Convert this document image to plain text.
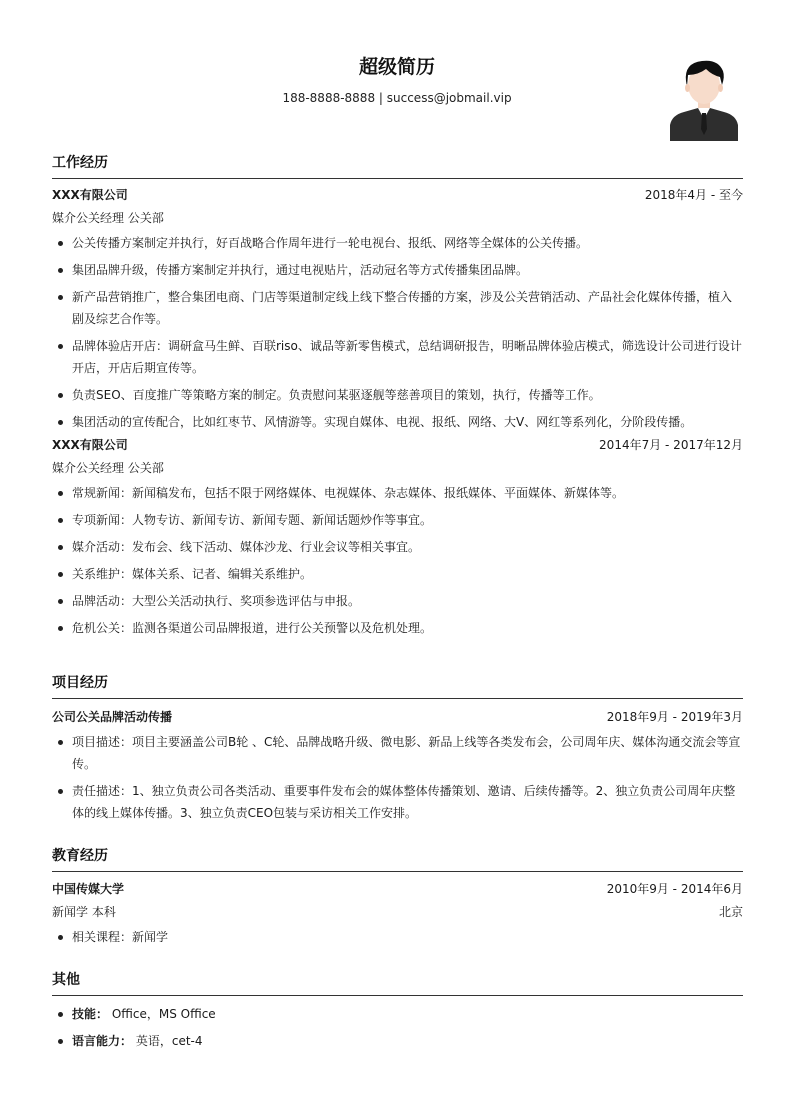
超级简历
188-8888-8888 | success@jobmail.vip
工作经历
XXX有限公司	2018年4月 - 至今
媒介公关经理 公关部
公关传播方案制定并执行，好百战略合作周年进行一轮电视台、报纸、网络等全媒体的公关传播。
集团品牌升级，传播方案制定并执行，通过电视贴片，活动冠名等方式传播集团品牌。
新产品营销推广，整合集团电商、门店等渠道制定线上线下整合传播的方案，涉及公关营销活动、产品社会化媒体传播，植入剧及综艺合作等。
品牌体验店开店：调研盒马生鲜、百联riso、诚品等新零售模式，总结调研报告，明晰品牌体验店模式，筛选设计公司进行设计开店，开店后期宣传等。
负责SEO、百度推广等策略方案的制定。负责慰问某驱逐舰等慈善项目的策划，执行，传播等工作。
集团活动的宣传配合，比如红枣节、风情游等。实现自媒体、电视、报纸、网络、大V、网红等系列化，分阶段传播。
XXX有限公司	2014年7月 - 2017年12月
媒介公关经理 公关部
常规新闻：新闻稿发布，包括不限于网络媒体、电视媒体、杂志媒体、报纸媒体、平面媒体、新媒体等。
专项新闻：人物专访、新闻专访、新闻专题、新闻话题炒作等事宜。
媒介活动：发布会、线下活动、媒体沙龙、行业会议等相关事宜。
关系维护：媒体关系、记者、编辑关系维护。
品牌活动：大型公关活动执行、奖项参选评估与申报。
危机公关：监测各渠道公司品牌报道，进行公关预警以及危机处理。
项目经历
公司公关品牌活动传播	2018年9月 - 2019年3月
项目描述：项目主要涵盖公司B轮 、C轮、品牌战略升级、微电影、新品上线等各类发布会，公司周年庆、媒体沟通交流会等宣传。
责任描述：1、独立负责公司各类活动、重要事件发布会的媒体整体传播策划、邀请、后续传播等。2、独立负责公司周年庆整体的线上媒体传播。3、独立负责CEO包装与采访相关工作安排。
教育经历
中国传媒大学	2010年9月 - 2014年6月
新闻学 本科	北京
相关课程：新闻学
其他
技能： Office，MS Office
语言能力： 英语，cet-4
